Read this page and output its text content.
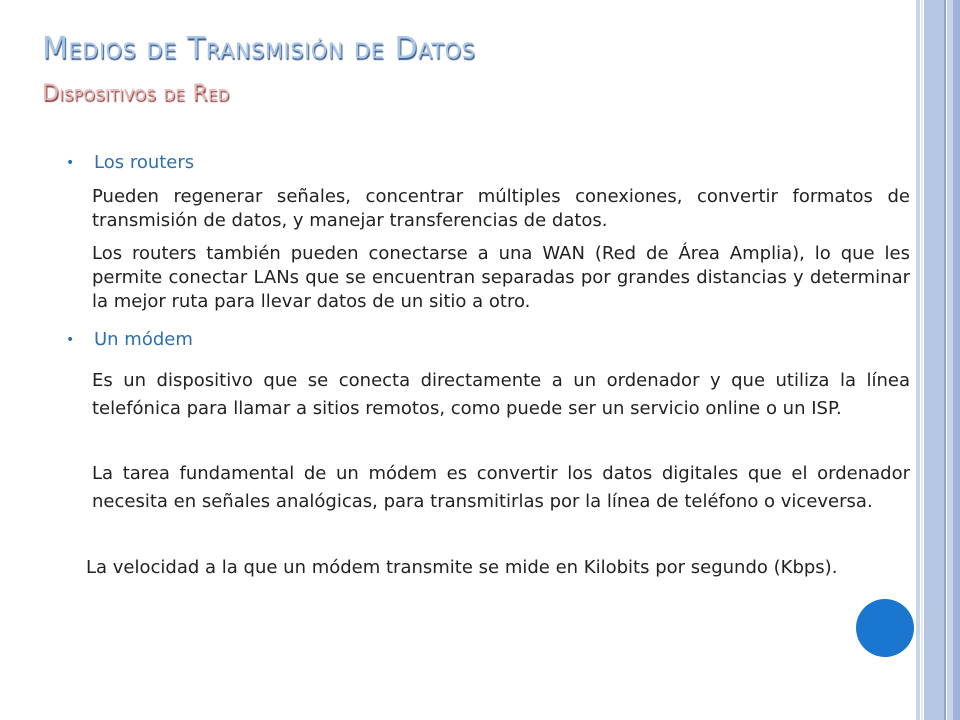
Medios de Transmisión de Datos
Dispositivos de Red
• Los routers
Pueden regenerar señales, concentrar múltiples conexiones, convertir formatos de transmisión de datos, y manejar transferencias de datos.
Los routers también pueden conectarse a una WAN (Red de Área Amplia), lo que les permite conectar LANs que se encuentran separadas por grandes distancias y determinar la mejor ruta para llevar datos de un sitio a otro.
• Un módem
Es un dispositivo que se conecta directamente a un ordenador y que utiliza la línea telefónica para llamar a sitios remotos, como puede ser un servicio online o un ISP.
La tarea fundamental de un módem es convertir los datos digitales que el ordenador necesita en señales analógicas, para transmitirlas por la línea de teléfono o viceversa.
La velocidad a la que un módem transmite se mide en Kilobits por segundo (Kbps).
